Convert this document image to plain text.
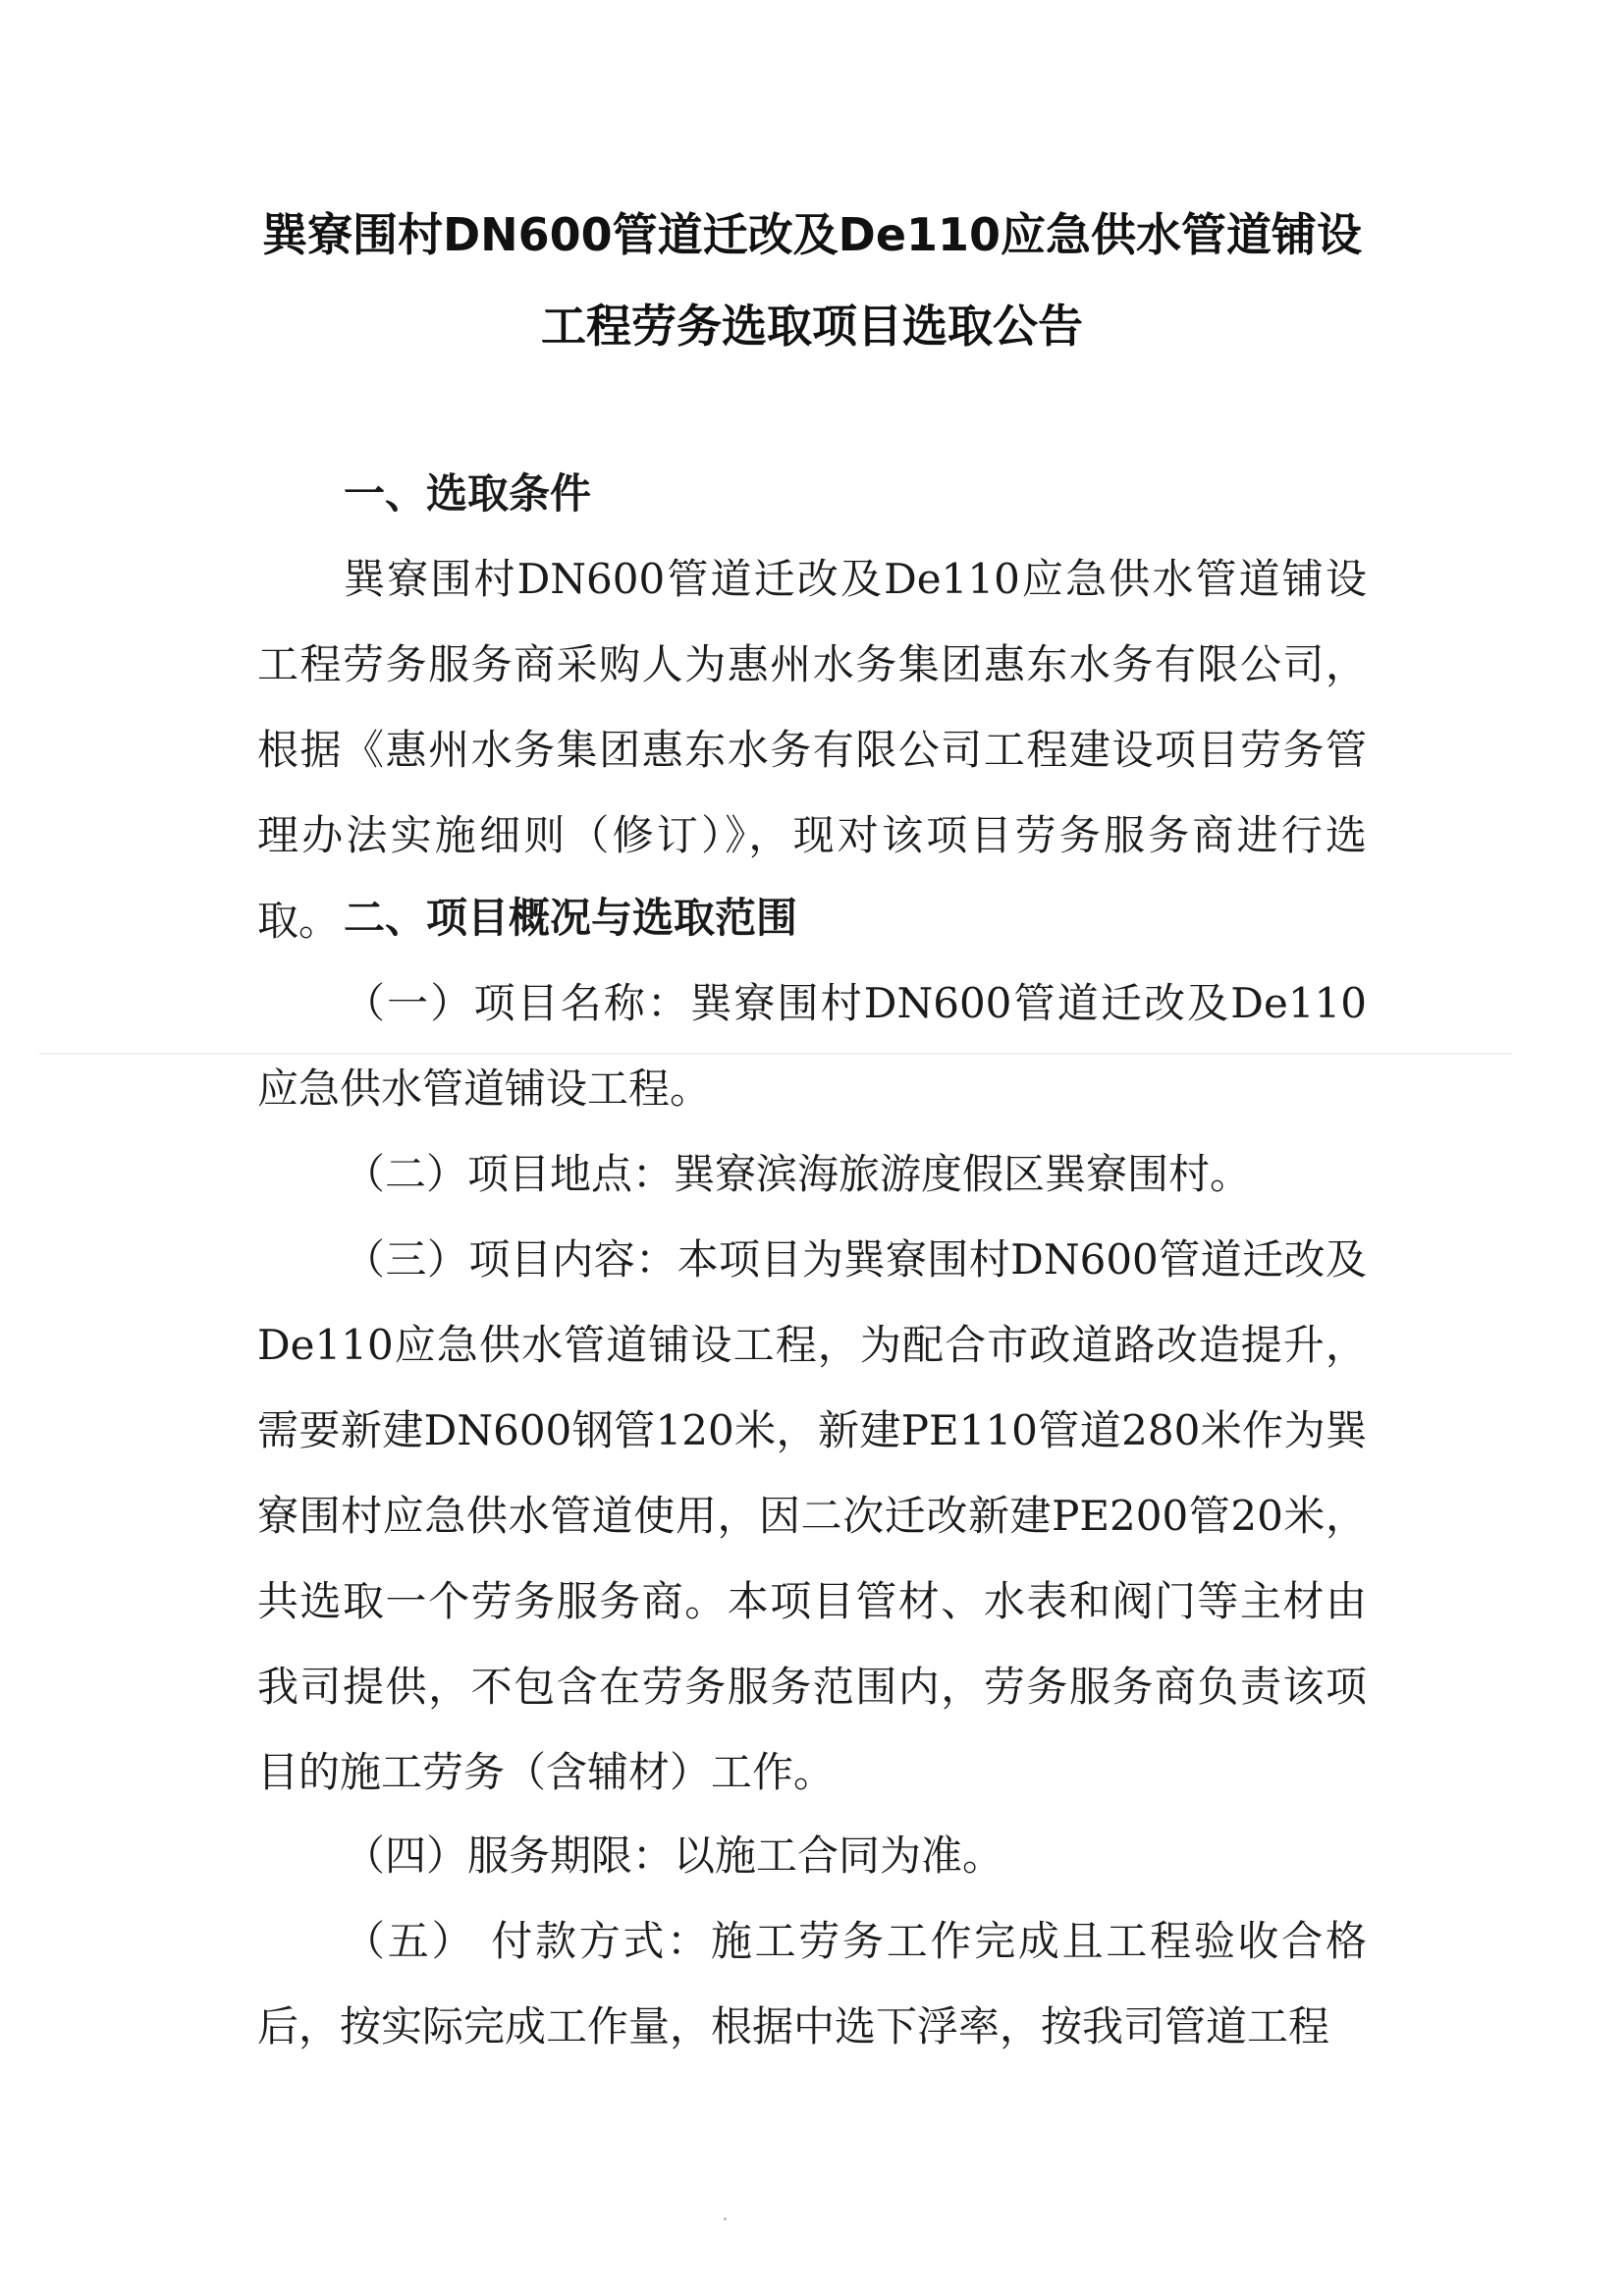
巽寮围村DN600管道迁改及De110应急供水管道铺设
工程劳务选取项目选取公告
一、选取条件

巽寮围村DN600管道迁改及De110应急供水管道铺设工程劳务服务商采购人为惠州水务集团惠东水务有限公司，根据《惠州水务集团惠东水务有限公司工程建设项目劳务管理办法实施细则（修订）》，现对该项目劳务服务商进行选取。 二、项目概况与选取范围

（一）项目名称：巽寮围村DN600管道迁改及De110应急供水管道铺设工程。

（二）项目地点：巽寮滨海旅游度假区巽寮围村。

（三）项目内容：本项目为巽寮围村DN600管道迁改及De110应急供水管道铺设工程，为配合市政道路改造提升，需要新建DN600钢管120米，新建PE110管道280米作为巽寮围村应急供水管道使用，因二次迁改新建PE200管20米，共选取一个劳务服务商。本项目管材、水表和阀门等主材由我司提供，不包含在劳务服务范围内，劳务服务商负责该项目的施工劳务（含辅材）工作。

（四）服务期限：以施工合同为准。

（五） 付款方式：施工劳务工作完成且工程验收合格后，按实际完成工作量，根据中选下浮率，按我司管道工程
